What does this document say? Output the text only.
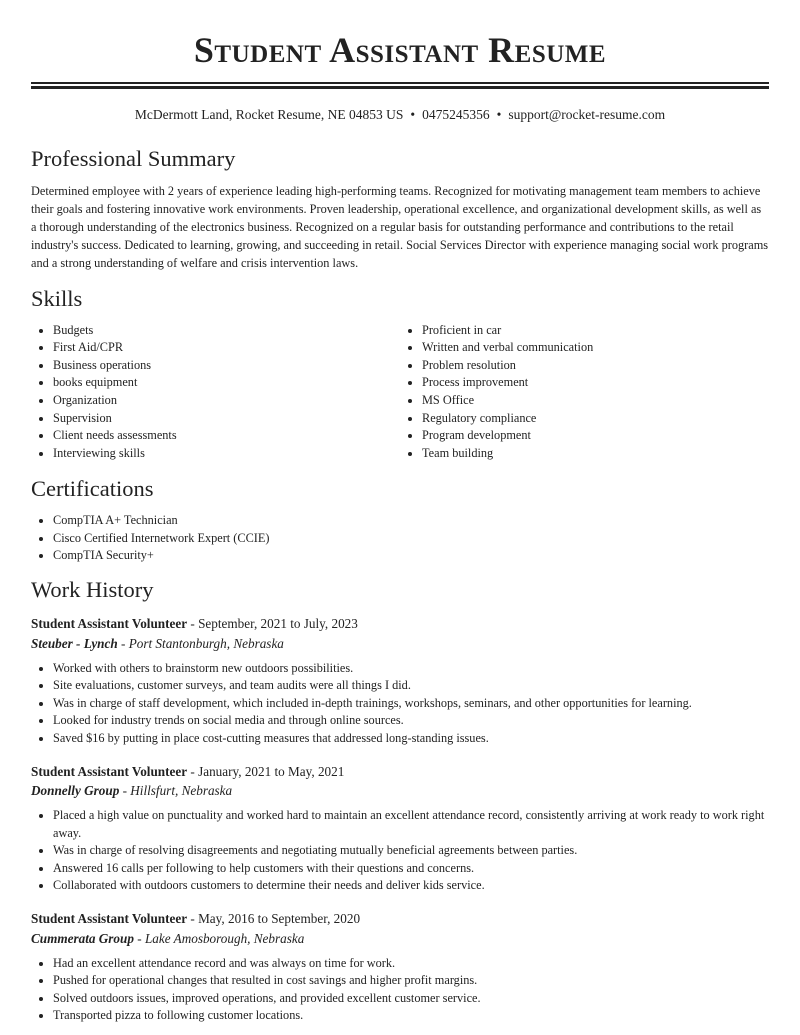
Student Assistant Resume
McDermott Land, Rocket Resume, NE 04853 US • 0475245356 • support@rocket-resume.com
Professional Summary

Determined employee with 2 years of experience leading high-performing teams. Recognized for motivating management team members to achieve their goals and fostering innovative work environments. Proven leadership, operational excellence, and organizational development skills, as well as a thorough understanding of the electronics business. Recognized on a regular basis for outstanding performance and contributions to the retail industry's success. Dedicated to learning, growing, and succeeding in retail. Social Services Director with experience managing social work programs and a strong understanding of welfare and crisis intervention laws.

Skills
• Budgets
• First Aid/CPR
• Business operations
• books equipment
• Organization
• Supervision
• Client needs assessments
• Interviewing skills
• Proficient in car
• Written and verbal communication
• Problem resolution
• Process improvement
• MS Office
• Regulatory compliance
• Program development
• Team building
Certifications
• CompTIA A+ Technician
• Cisco Certified Internetwork Expert (CCIE)
• CompTIA Security+
Work History
Student Assistant Volunteer - September, 2021 to July, 2023
Steuber - Lynch - Port Stantonburgh, Nebraska
• Worked with others to brainstorm new outdoors possibilities.
• Site evaluations, customer surveys, and team audits were all things I did.
• Was in charge of staff development, which included in-depth trainings, workshops, seminars, and other opportunities for learning.
• Looked for industry trends on social media and through online sources.
• Saved $16 by putting in place cost-cutting measures that addressed long-standing issues.
Student Assistant Volunteer - January, 2021 to May, 2021
Donnelly Group - Hillsfurt, Nebraska
• Placed a high value on punctuality and worked hard to maintain an excellent attendance record, consistently arriving at work ready to work right away.
• Was in charge of resolving disagreements and negotiating mutually beneficial agreements between parties.
• Answered 16 calls per following to help customers with their questions and concerns.
• Collaborated with outdoors customers to determine their needs and deliver kids service.
Student Assistant Volunteer - May, 2016 to September, 2020
Cummerata Group - Lake Amosborough, Nebraska
• Had an excellent attendance record and was always on time for work.
• Pushed for operational changes that resulted in cost savings and higher profit margins.
• Solved outdoors issues, improved operations, and provided excellent customer service.
• Transported pizza to following customer locations.
